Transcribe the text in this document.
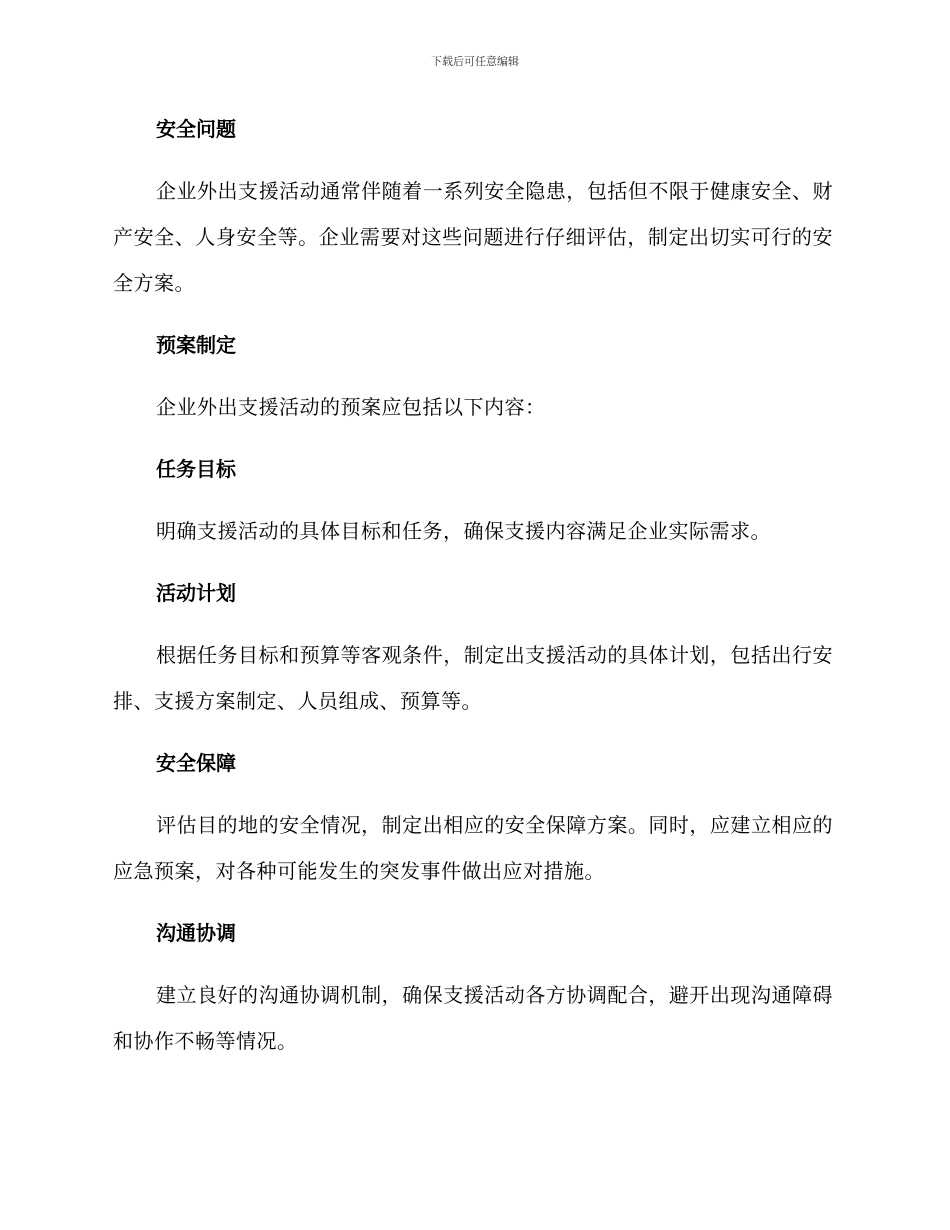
下载后可任意编辑
安全问题

企业外出支援活动通常伴随着一系列安全隐患，包括但不限于健康安全、财产安全、人身安全等。企业需要对这些问题进行仔细评估，制定出切实可行的安全方案。

预案制定

企业外出支援活动的预案应包括以下内容：

任务目标

明确支援活动的具体目标和任务，确保支援内容满足企业实际需求。

活动计划

根据任务目标和预算等客观条件，制定出支援活动的具体计划，包括出行安排、支援方案制定、人员组成、预算等。

安全保障

评估目的地的安全情况，制定出相应的安全保障方案。同时，应建立相应的应急预案，对各种可能发生的突发事件做出应对措施。

沟通协调

建立良好的沟通协调机制，确保支援活动各方协调配合，避开出现沟通障碍和协作不畅等情况。
